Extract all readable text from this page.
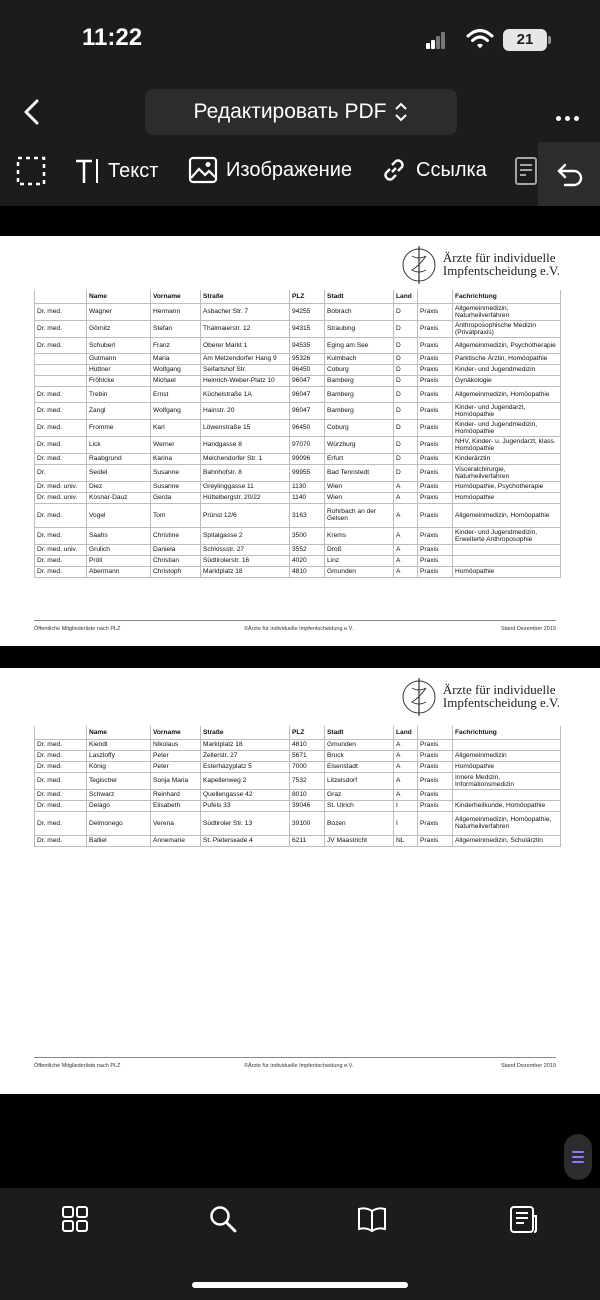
11:22	21
Редактировать PDF
Текст	Изображение	Ссылка
Ärzte für individuelle
Impfentscheidung e.V.
	Name	Vorname	Straße	PLZ	Stadt	Land		Fachrichtung
Dr. med.	Wagner	Hermann	Asbacher Str. 7	94255	Böbrach	D	Praxis	Allgemeinmedizin, Naturheilverfahren
Dr. med.	Görnitz	Stefan	Thalmaierstr. 12	94315	Straubing	D	Praxis	Anthroposophische Medizin (Privatpraxis)
Dr. med.	Schuberl	Franz	Oberer Markt 1	94535	Eging am See	D	Praxis	Allgemeinmedizin, Psychotherapie
	Gutmann	Maria	Am Metzendorfer Hang 9	95326	Kulmbach	D	Praxis	Parktische Ärztin, Homöopathie
	Hüttner	Wolfgang	Seifartshof Str.	96450	Coburg	D	Praxis	Kinder- und Jugendmedizin
	Fröhlcke	Michael	Heinrich-Weber-Platz 10	96047	Bamberg	D	Praxis	Gynäkologie
Dr. med.	Trebin	Ernst	Küchelstraße 1A	96047	Bamberg	D	Praxis	Allgemeinmedizin, Homöopathie
Dr. med.	Zangl	Wolfgang	Hainstr. 20	96047	Bamberg	D	Praxis	Kinder- und Jugendarzt, Homöopathie
Dr. med.	Fromme	Karl	Löwenstraße 15	96450	Coburg	D	Praxis	Kinder- und Jugendmedizin, Homöopathie
Dr. med.	Lick	Werner	Handgasse 8	97070	Würzburg	D	Praxis	NHV, Kinder- u. Jugendarzt, klass. Homöopathie
Dr. med.	Raabgrund	Karina	Melchendorfer Str. 1	99096	Erfurt	D	Praxis	Kinderärztin
Dr.	Seidel	Susanne	Bahnhofstr. 8	99955	Bad Tennstedt	D	Praxis	Visceralchirurgie, Naturheilverfahren
Dr. med. univ.	Diez	Susanne	Greylinggasse 11	1130	Wien	A	Praxis	Homöopathie, Psychotherapie
Dr. med. univ.	Kosnar-Dauz	Gerda	Hüttelbergstr. 20/22	1140	Wien	A	Praxis	Homöopathie
Dr. med.	Vogel	Tom	Prünst 12/6	3163	Rohrbach an der Gelsen	A	Praxis	Allgemeinmedizin, Homöopathie
Dr. med.	Saahs	Christine	Spitalgasse 2	3500	Krems	A	Praxis	Kinder- und Jugendmedizin, Erweiterte Anthroposophie
Dr. med. univ.	Grulich	Daniela	Schlossstr. 27	3552	Droß	A	Praxis	
Dr. med.	Pröll	Christian	Südtirolerstr. 16	4020	Linz	A	Praxis	
Dr. med.	Abermann	Christoph	Marktplatz 18	4810	Gmunden	A	Praxis	Homöopathie
Öffentliche Mitgliederliste nach PLZ	©Ärzte für individuelle Impfentscheidung e.V.	Stand Dezember 2019
Ärzte für individuelle
Impfentscheidung e.V.
	Name	Vorname	Straße	PLZ	Stadt	Land		Fachrichtung
Dr. med.	Kiendl	Nikolaus	Marktplatz 18	4810	Gmunden	A	Praxis	
Dr. med.	Laszloffy	Peter	Zellerstr. 27	5671	Bruck	A	Praxis	Allgemeinmedizin
Dr. med.	König	Peter	Esterházyplatz 5	7000	Eisenstadt	A	Praxis	Homöopathie
Dr. med.	Tegischer	Sonja Maria	Kapellenweg 2	7532	Litzelsdorf	A	Praxis	Innere Medizin, Informationsmedizin
Dr. med.	Schwarz	Reinhard	Quellengasse 42	8010	Graz	A	Praxis	
Dr. med.	Delago	Elisabeth	Pufels 33	39046	St. Ulrich	I	Praxis	Kinderheilkunde, Homöopathie
Dr. med.	Delmonego	Verena	Südtiroler Str. 13	39100	Bozen	I	Praxis	Allgemeinmedizin, Homöopathie, Naturheilverfahren
Dr. med.	Balliel	Annemarie	St. Pietersкade 4	6211	JV Maastricht	NL	Praxis	Allgemeinmedizin, Schulärztin
Öffentliche Mitgliederliste nach PLZ	©Ärzte für individuelle Impfentscheidung e.V.	Stand Dezember 2019
